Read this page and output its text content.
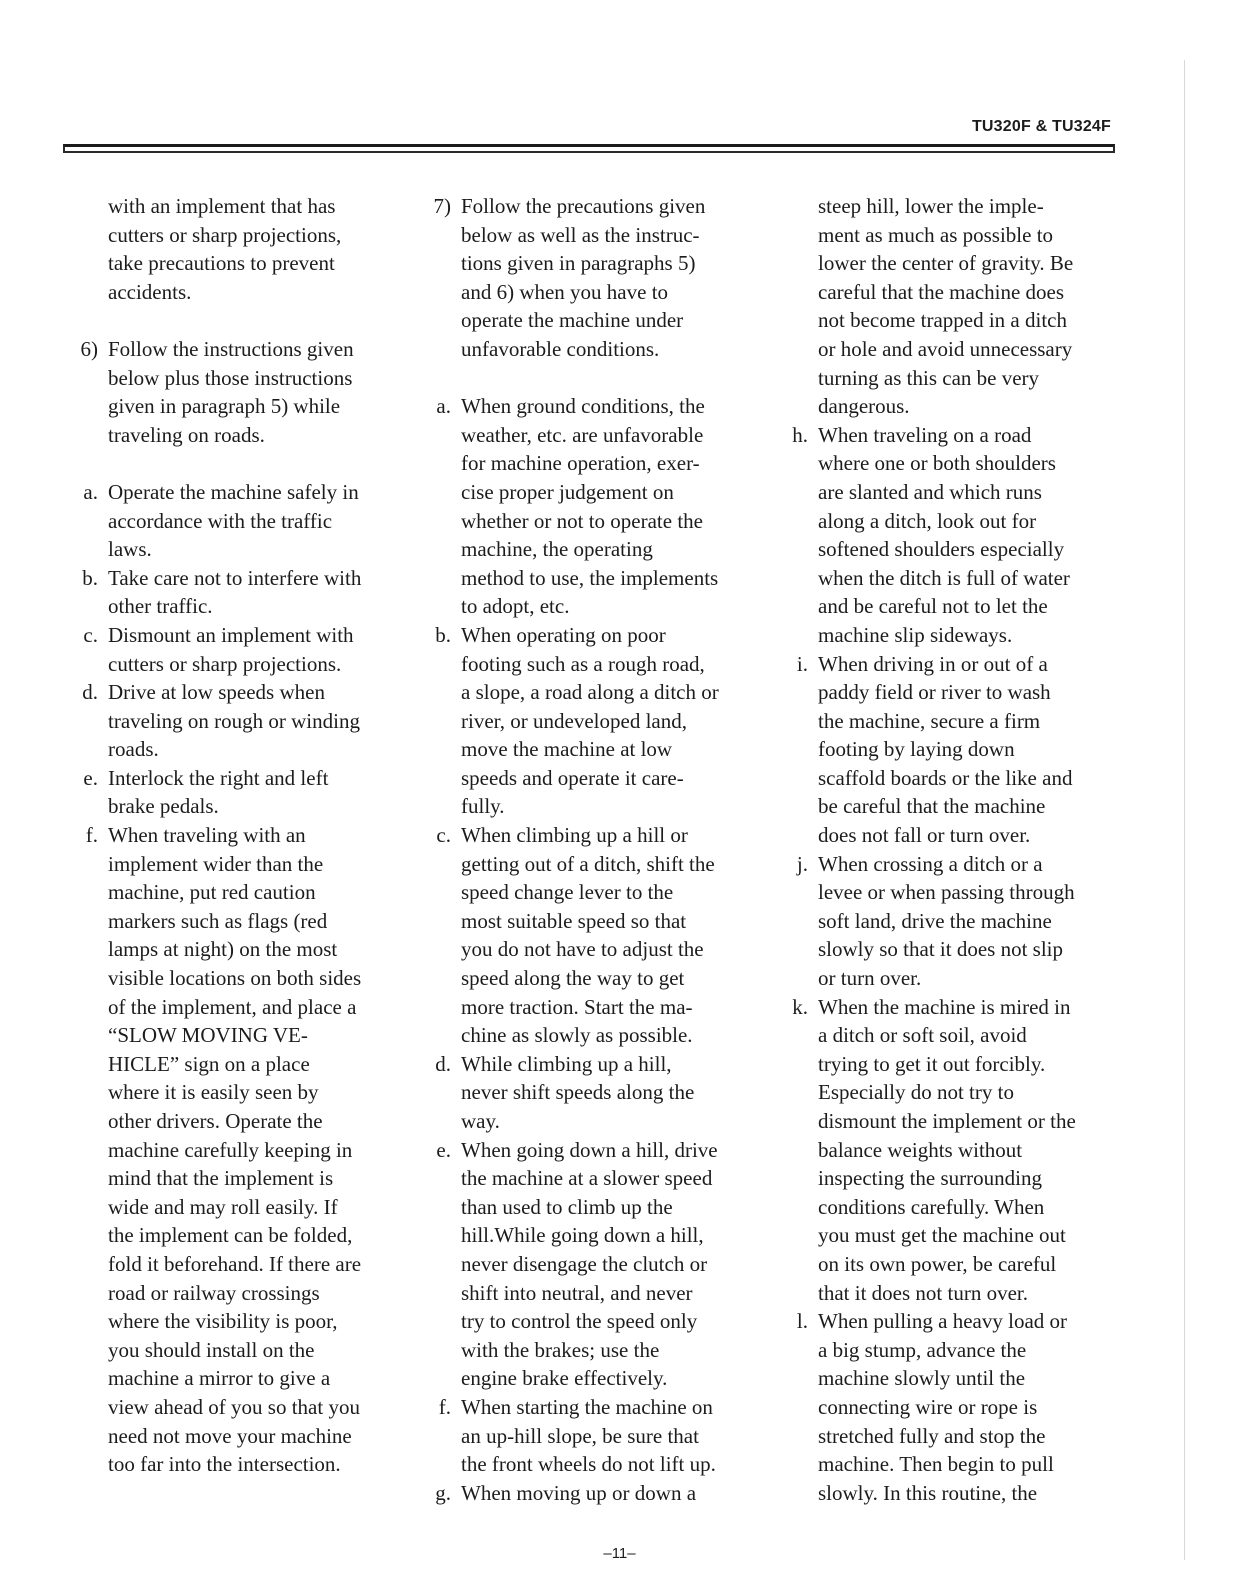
TU320F & TU324F
with an implement that has
cutters or sharp projections,
take precautions to prevent
accidents.
6) Follow the instructions given
below plus those instructions
given in paragraph 5) while
traveling on roads.
a. Operate the machine safely in
accordance with the traffic
laws.
b. Take care not to interfere with
other traffic.
c. Dismount an implement with
cutters or sharp projections.
d. Drive at low speeds when
traveling on rough or winding
roads.
e. Interlock the right and left
brake pedals.
f. When traveling with an
implement wider than the
machine, put red caution
markers such as flags (red
lamps at night) on the most
visible locations on both sides
of the implement, and place a
“SLOW MOVING VE-
HICLE” sign on a place
where it is easily seen by
other drivers. Operate the
machine carefully keeping in
mind that the implement is
wide and may roll easily. If
the implement can be folded,
fold it beforehand. If there are
road or railway crossings
where the visibility is poor,
you should install on the
machine a mirror to give a
view ahead of you so that you
need not move your machine
too far into the intersection.
7) Follow the precautions given
below as well as the instruc-
tions given in paragraphs 5)
and 6) when you have to
operate the machine under
unfavorable conditions.
a. When ground conditions, the
weather, etc. are unfavorable
for machine operation, exer-
cise proper judgement on
whether or not to operate the
machine, the operating
method to use, the implements
to adopt, etc.
b. When operating on poor
footing such as a rough road,
a slope, a road along a ditch or
river, or undeveloped land,
move the machine at low
speeds and operate it care-
fully.
c. When climbing up a hill or
getting out of a ditch, shift the
speed change lever to the
most suitable speed so that
you do not have to adjust the
speed along the way to get
more traction. Start the ma-
chine as slowly as possible.
d. While climbing up a hill,
never shift speeds along the
way.
e. When going down a hill, drive
the machine at a slower speed
than used to climb up the
hill.While going down a hill,
never disengage the clutch or
shift into neutral, and never
try to control the speed only
with the brakes; use the
engine brake effectively.
f. When starting the machine on
an up-hill slope, be sure that
the front wheels do not lift up.
g. When moving up or down a
steep hill, lower the imple-
ment as much as possible to
lower the center of gravity. Be
careful that the machine does
not become trapped in a ditch
or hole and avoid unnecessary
turning as this can be very
dangerous.
h. When traveling on a road
where one or both shoulders
are slanted and which runs
along a ditch, look out for
softened shoulders especially
when the ditch is full of water
and be careful not to let the
machine slip sideways.
i. When driving in or out of a
paddy field or river to wash
the machine, secure a firm
footing by laying down
scaffold boards or the like and
be careful that the machine
does not fall or turn over.
j. When crossing a ditch or a
levee or when passing through
soft land, drive the machine
slowly so that it does not slip
or turn over.
k. When the machine is mired in
a ditch or soft soil, avoid
trying to get it out forcibly.
Especially do not try to
dismount the implement or the
balance weights without
inspecting the surrounding
conditions carefully. When
you must get the machine out
on its own power, be careful
that it does not turn over.
l. When pulling a heavy load or
a big stump, advance the
machine slowly until the
connecting wire or rope is
stretched fully and stop the
machine. Then begin to pull
slowly. In this routine, the
–11–
